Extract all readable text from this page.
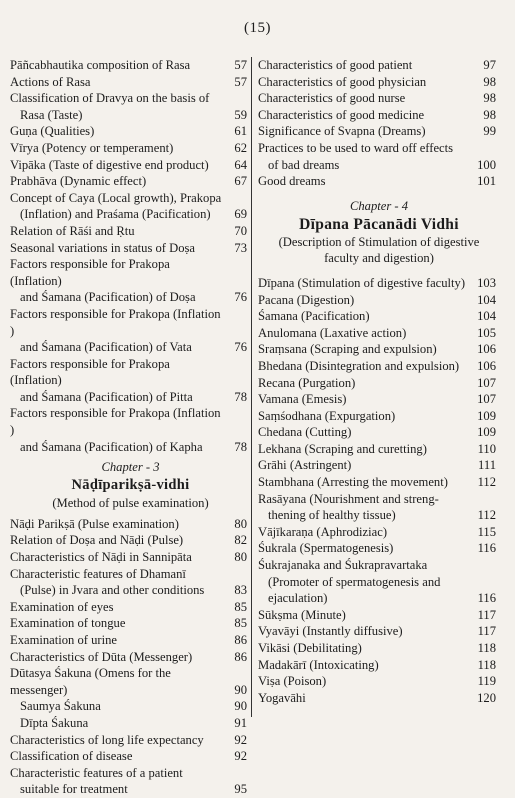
(15)
Pāñcabhautika composition of Rasa	57
Actions of Rasa	57
Classification of Dravya on the basis of
Rasa (Taste)	59
Guṇa (Qualities)	61
Vīrya (Potency or temperament)	62
Vipāka (Taste of digestive end product)	64
Prabhāva (Dynamic effect)	67
Concept of Caya (Local growth), Prakopa
(Inflation) and Praśama (Pacification)	69
Relation of Rāśi and Ṛtu	70
Seasonal variations in status of Doṣa	73
Factors responsible for Prakopa (Inflation)
and Śamana (Pacification) of Doṣa	76
Factors responsible for Prakopa (Inflation )
and Śamana (Pacification) of Vata	76
Factors responsible for Prakopa (Inflation)
and Śamana (Pacification) of Pitta	78
Factors responsible for Prakopa (Inflation )
and Śamana (Pacification) of Kapha	78
Chapter - 3
Nāḍīparikṣā-vidhi
(Method of pulse examination)
Nāḍi Parikṣā (Pulse examination)	80
Relation of Doṣa and Nāḍi (Pulse)	82
Characteristics of Nāḍi in Sannipāta	80
Characteristic features of Dhamanī
(Pulse) in Jvara and other conditions	83
Examination of eyes	85
Examination of tongue	85
Examination of urine	86
Characteristics of Dūta (Messenger)	86
Dūtasya Śakuna (Omens for the messenger)	90
Saumya Śakuna	90
Dīpta Śakuna	91
Characteristics of long life expectancy	92
Classification of disease	92
Characteristic features of a patient
suitable for treatment	95
Characteristics of good patient	97
Characteristics of good physician	98
Characteristics of good nurse	98
Characteristics of good medicine	98
Significance of Svapna (Dreams)	99
Practices to be used to ward off effects
of bad dreams	100
Good dreams	101
Chapter - 4
Dīpana Pācanādi Vidhi
(Description of Stimulation of digestive
faculty and digestion)
Dīpana (Stimulation of digestive faculty) 103
Pacana (Digestion)	104
Śamana (Pacification)	104
Anulomana (Laxative action)	105
Sraṃsana (Scraping and expulsion)	106
Bhedana (Disintegration and expulsion)	106
Recana (Purgation)	107
Vamana (Emesis)	107
Saṃśodhana (Expurgation)	109
Chedana (Cutting)	109
Lekhana (Scraping and curetting)	110
Grāhi (Astringent)	111
Stambhana (Arresting the movement)	112
Rasāyana (Nourishment and streng-
thening of healthy tissue)	112
Vājīkaraṇa (Aphrodiziac)	115
Śukrala (Spermatogenesis)	116
Śukrajanaka and Śukrapravartaka
(Promoter of spermatogenesis and
ejaculation)	116
Sūkṣma (Minute)	117
Vyavāyi (Instantly diffusive)	117
Vikāsi (Debilitating)	118
Madakārī (Intoxicating)	118
Viṣa (Poison)	119
Yogavāhi	120
